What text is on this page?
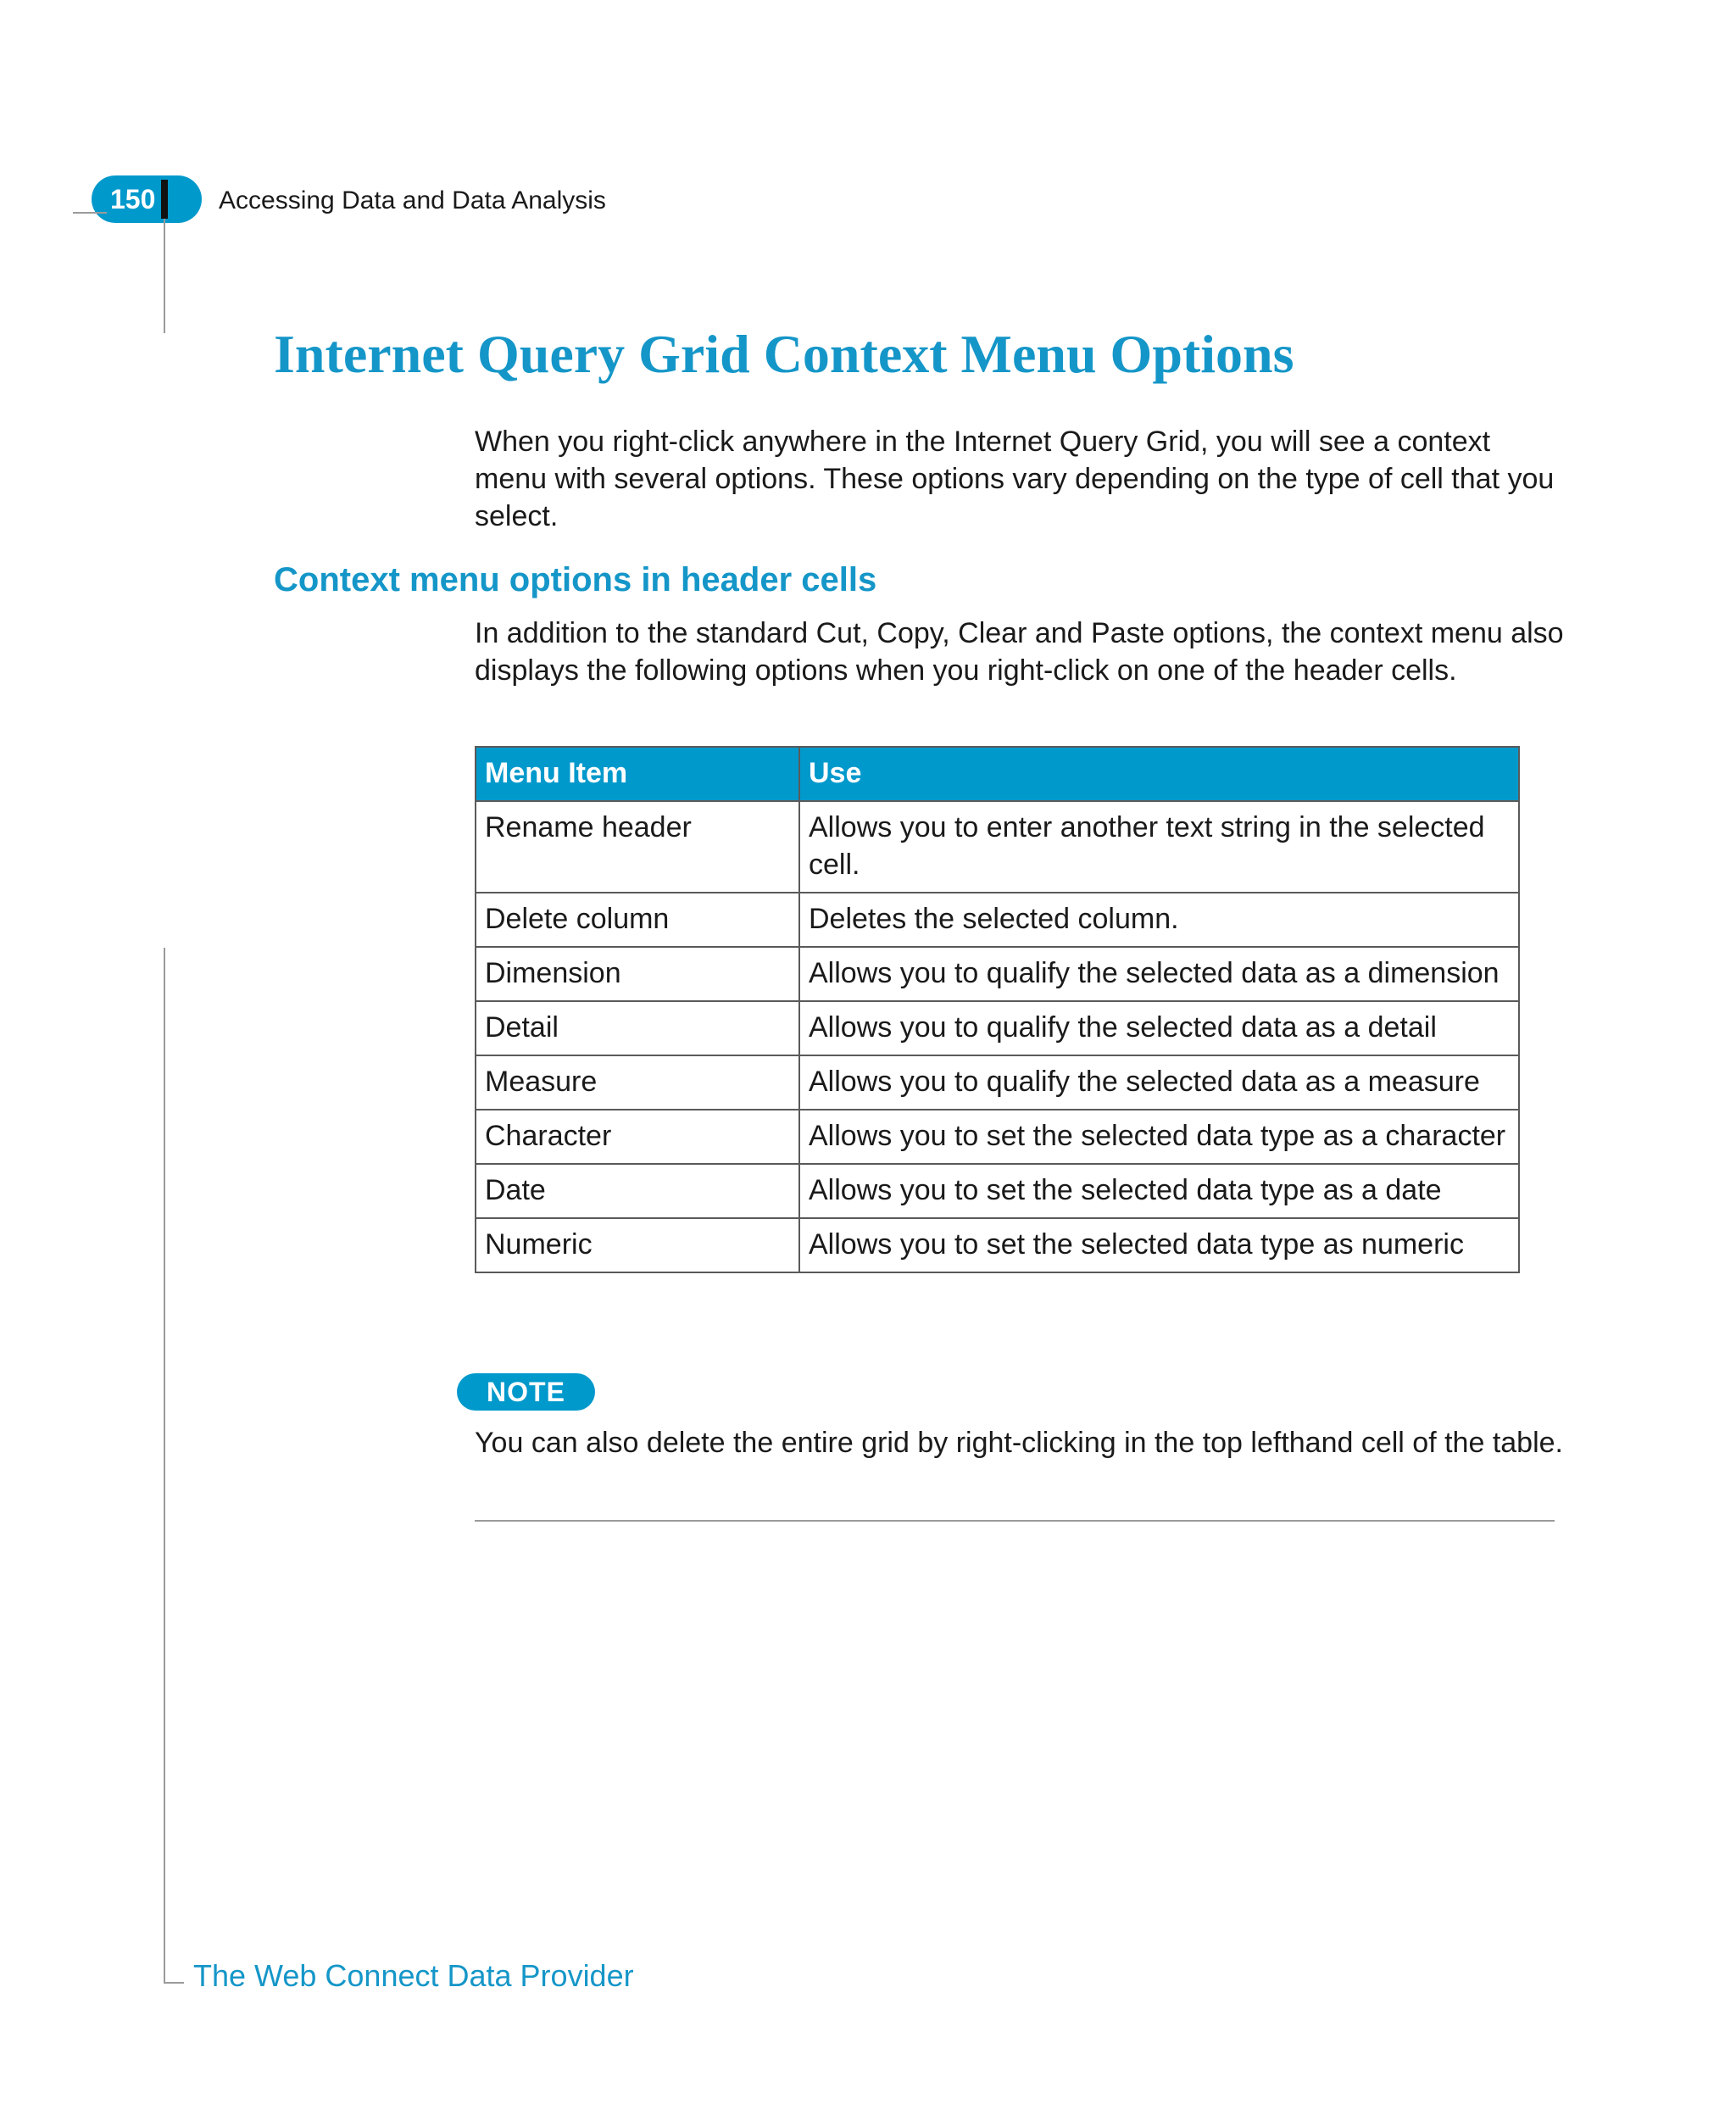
150 Accessing Data and Data Analysis
Internet Query Grid Context Menu Options

When you right-click anywhere in the Internet Query Grid, you will see a context menu with several options. These options vary depending on the type of cell that you select.

Context menu options in header cells

In addition to the standard Cut, Copy, Clear and Paste options, the context menu also displays the following options when you right-click on one of the header cells.

Menu Item	Use
Rename header	Allows you to enter another text string in the selected cell.
Delete column	Deletes the selected column.
Dimension	Allows you to qualify the selected data as a dimension
Detail	Allows you to qualify the selected data as a detail
Measure	Allows you to qualify the selected data as a measure
Character	Allows you to set the selected data type as a character
Date	Allows you to set the selected data type as a date
Numeric	Allows you to set the selected data type as numeric
NOTE

You can also delete the entire grid by right-clicking in the top lefthand cell of the table.

The Web Connect Data Provider
